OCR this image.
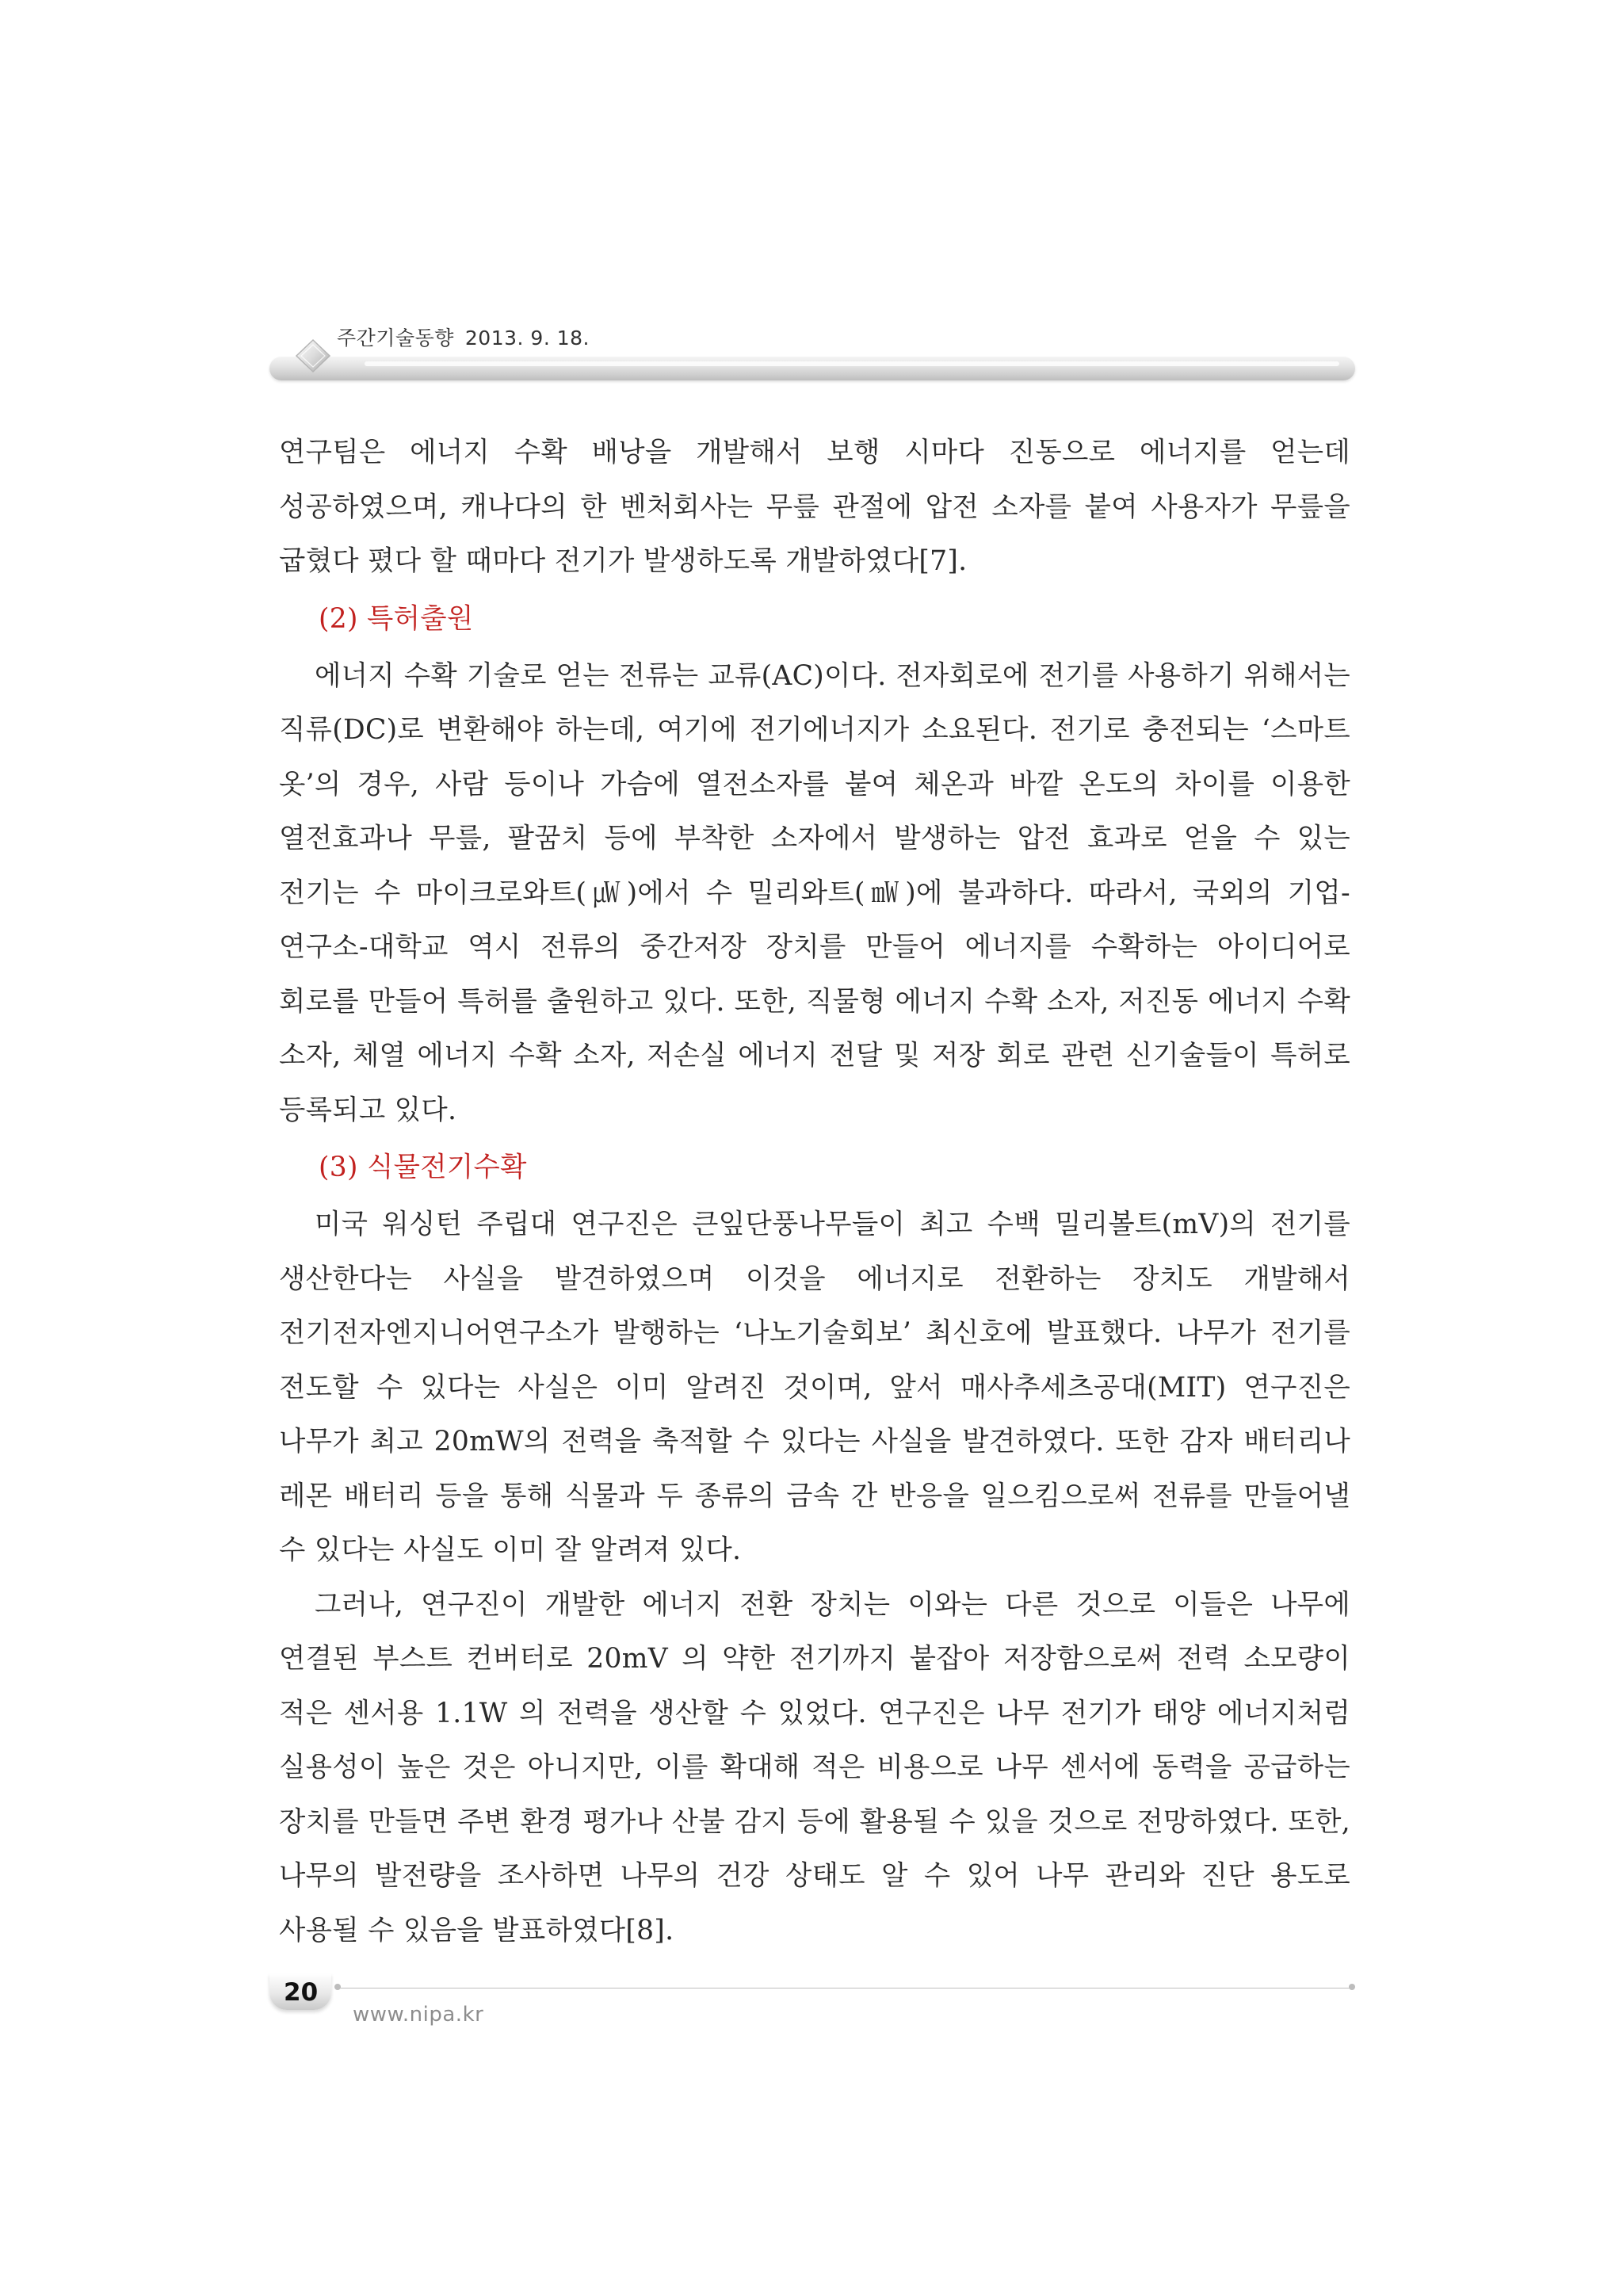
주간기술동향 2013. 9. 18.

연구팀은 에너지 수확 배낭을 개발해서 보행 시마다 진동으로 에너지를 얻는데 성공하였으며, 캐나다의 한 벤처회사는 무릎 관절에 압전 소자를 붙여 사용자가 무릎을 굽혔다 폈다 할 때마다 전기가 발생하도록 개발하였다[7].

(2) 특허출원

에너지 수확 기술로 얻는 전류는 교류(AC)이다. 전자회로에 전기를 사용하기 위해서는 직류(DC)로 변환해야 하는데, 여기에 전기에너지가 소요된다. 전기로 충전되는 ‘스마트 옷’의 경우, 사람 등이나 가슴에 열전소자를 붙여 체온과 바깥 온도의 차이를 이용한 열전효과나 무릎, 팔꿈치 등에 부착한 소자에서 발생하는 압전 효과로 얻을 수 있는 전기는 수 마이크로와트(㎼)에서 수 밀리와트(㎽)에 불과하다. 따라서, 국외의 기업-연구소-대학교 역시 전류의 중간저장 장치를 만들어 에너지를 수확하는 아이디어로 회로를 만들어 특허를 출원하고 있다. 또한, 직물형 에너지 수확 소자, 저진동 에너지 수확 소자, 체열 에너지 수확 소자, 저손실 에너지 전달 및 저장 회로 관련 신기술들이 특허로 등록되고 있다.

(3) 식물전기수확

미국 워싱턴 주립대 연구진은 큰잎단풍나무들이 최고 수백 밀리볼트(mV)의 전기를 생산한다는 사실을 발견하였으며 이것을 에너지로 전환하는 장치도 개발해서 전기전자엔지니어연구소가 발행하는 ‘나노기술회보’ 최신호에 발표했다. 나무가 전기를 전도할 수 있다는 사실은 이미 알려진 것이며, 앞서 매사추세츠공대(MIT) 연구진은 나무가 최고 20mW의 전력을 축적할 수 있다는 사실을 발견하였다. 또한 감자 배터리나 레몬 배터리 등을 통해 식물과 두 종류의 금속 간 반응을 일으킴으로써 전류를 만들어낼 수 있다는 사실도 이미 잘 알려져 있다.

그러나, 연구진이 개발한 에너지 전환 장치는 이와는 다른 것으로 이들은 나무에 연결된 부스트 컨버터로 20mV 의 약한 전기까지 붙잡아 저장함으로써 전력 소모량이 적은 센서용 1.1W 의 전력을 생산할 수 있었다. 연구진은 나무 전기가 태양 에너지처럼 실용성이 높은 것은 아니지만, 이를 확대해 적은 비용으로 나무 센서에 동력을 공급하는 장치를 만들면 주변 환경 평가나 산불 감지 등에 활용될 수 있을 것으로 전망하였다. 또한, 나무의 발전량을 조사하면 나무의 건강 상태도 알 수 있어 나무 관리와 진단 용도로 사용될 수 있음을 발표하였다[8].

20
www.nipa.kr
